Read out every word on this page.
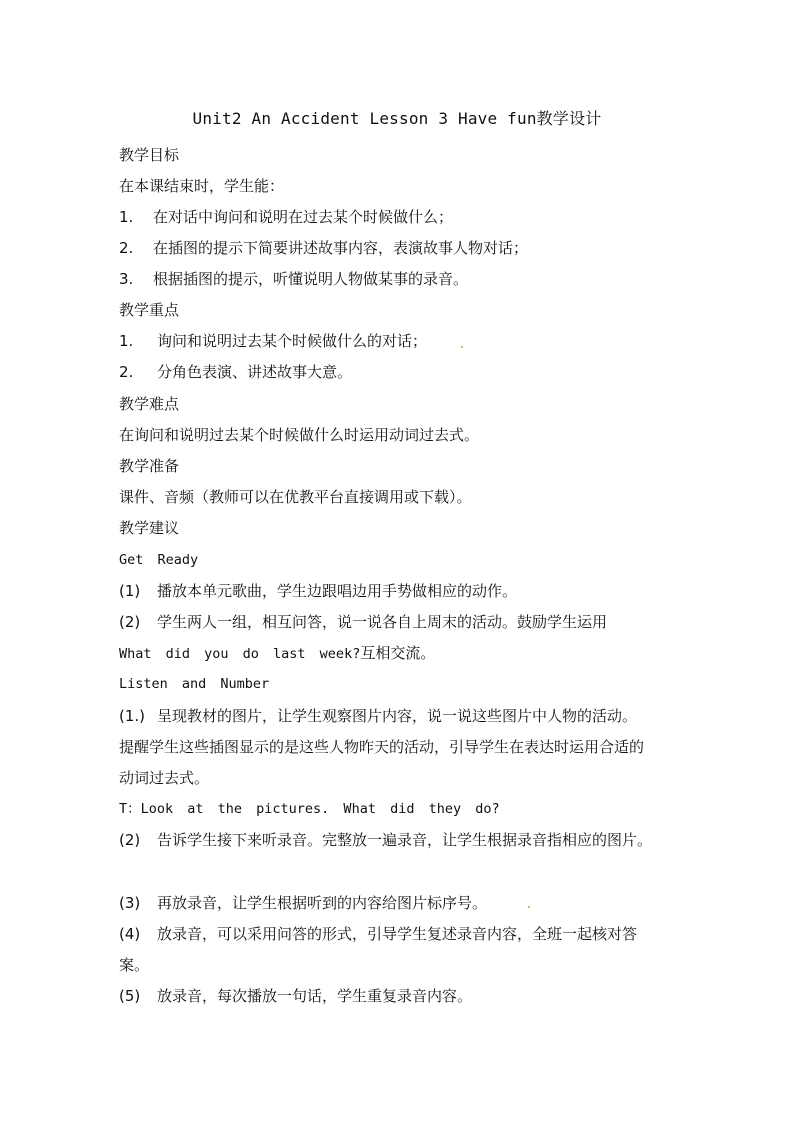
Unit2 An Accident Lesson 3 Have fun教学设计
教学目标
在本课结束时，学生能：
1. 在对话中询问和说明在过去某个时候做什么；
2. 在插图的提示下简要讲述故事内容，表演故事人物对话；
3. 根据插图的提示，听懂说明人物做某事的录音。
教学重点
1. 询问和说明过去某个时候做什么的对话；
2. 分角色表演、讲述故事大意。
教学难点
在询问和说明过去某个时候做什么时运用动词过去式。
教学准备
课件、音频（教师可以在优教平台直接调用或下载）。
教学建议
Get Ready
(1) 播放本单元歌曲，学生边跟唱边用手势做相应的动作。
(2) 学生两人一组，相互问答，说一说各自上周末的活动。鼓励学生运用
What did you do last week?互相交流。
Listen and Number
(1.) 呈现教材的图片，让学生观察图片内容，说一说这些图片中人物的活动。
提醒学生这些插图显示的是这些人物昨天的活动，引导学生在表达时运用合适的
动词过去式。
T：Look at the pictures. What did they do?
(2) 告诉学生接下来听录音。完整放一遍录音，让学生根据录音指相应的图片。
(3) 再放录音，让学生根据听到的内容给图片标序号。
(4) 放录音，可以采用问答的形式，引导学生复述录音内容，全班一起核对答
案。
(5) 放录音，每次播放一句话，学生重复录音内容。
